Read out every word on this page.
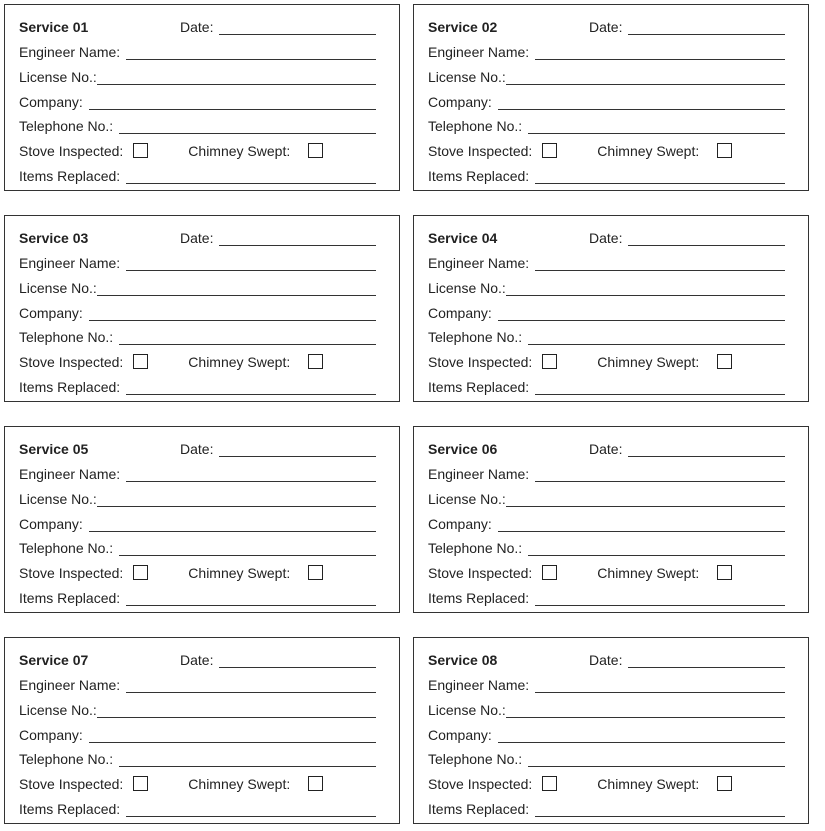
Service 01	Date:
Engineer Name:
License No.:
Company:
Telephone No.:
Stove Inspected:	Chimney Swept:
Items Replaced:
Service 02	Date:
Engineer Name:
License No.:
Company:
Telephone No.:
Stove Inspected:	Chimney Swept:
Items Replaced:
Service 03	Date:
Engineer Name:
License No.:
Company:
Telephone No.:
Stove Inspected:	Chimney Swept:
Items Replaced:
Service 04	Date:
Engineer Name:
License No.:
Company:
Telephone No.:
Stove Inspected:	Chimney Swept:
Items Replaced:
Service 05	Date:
Engineer Name:
License No.:
Company:
Telephone No.:
Stove Inspected:	Chimney Swept:
Items Replaced:
Service 06	Date:
Engineer Name:
License No.:
Company:
Telephone No.:
Stove Inspected:	Chimney Swept:
Items Replaced:
Service 07	Date:
Engineer Name:
License No.:
Company:
Telephone No.:
Stove Inspected:	Chimney Swept:
Items Replaced:
Service 08	Date:
Engineer Name:
License No.:
Company:
Telephone No.:
Stove Inspected:	Chimney Swept:
Items Replaced:
